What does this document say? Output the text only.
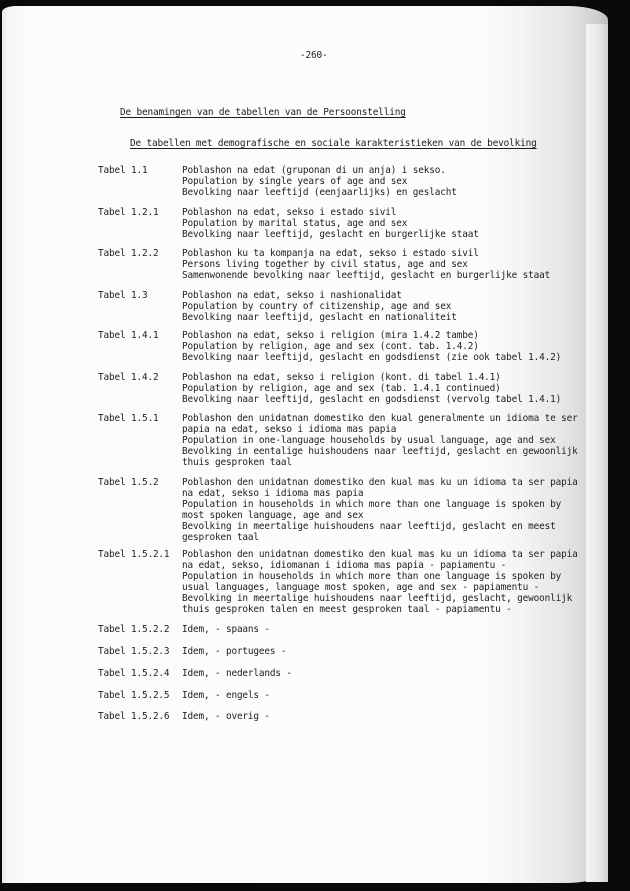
-260-
De benamingen van de tabellen van de Persoonstelling
De tabellen met demografische en sociale karakteristieken van de bevolking
Tabel 1.1	Poblashon na edat (gruponan di un anja) i sekso.
Population by single years of age and sex
Bevolking naar leeftijd (eenjaarlijks) en geslacht
Tabel 1.2.1	Poblashon na edat, sekso i estado sivil
Population by marital status, age and sex
Bevolking naar leeftijd, geslacht en burgerlijke staat
Tabel 1.2.2	Poblashon ku ta kompanja na edat, sekso i estado sivil
Persons living together by civil status, age and sex
Samenwonende bevolking naar leeftijd, geslacht en burgerlijke staat
Tabel 1.3	Poblashon na edat, sekso i nashionalidat
Population by country of citizenship, age and sex
Bevolking naar leeftijd, geslacht en nationaliteit
Tabel 1.4.1	Poblashon na edat, sekso i religion (mira 1.4.2 tambe)
Population by religion, age and sex (cont. tab. 1.4.2)
Bevolking naar leeftijd, geslacht en godsdienst (zie ook tabel 1.4.2)
Tabel 1.4.2	Poblashon na edat, sekso i religion (kont. di tabel 1.4.1)
Population by religion, age and sex (tab. 1.4.1 continued)
Bevolking naar leeftijd, geslacht en godsdienst (vervolg tabel 1.4.1)
Tabel 1.5.1	Poblashon den unidatnan domestiko den kual generalmente un idioma te ser
papia na edat, sekso i idioma mas papia
Population in one-language households by usual language, age and sex
Bevolking in eentalige huishoudens naar leeftijd, geslacht en gewoonlijk
thuis gesproken taal
Tabel 1.5.2	Poblashon den unidatnan domestiko den kual mas ku un idioma ta ser papia
na edat, sekso i idioma mas papia
Population in households in which more than one language is spoken by
most spoken language, age and sex
Bevolking in meertalige huishoudens naar leeftijd, geslacht en meest
gesproken taal
Tabel 1.5.2.1 Poblashon den unidatnan domestiko den kual mas ku un idioma ta ser papia
na edat, sekso, idiomanan i idioma mas papia - papiamentu -
Population in households in which more than one language is spoken by
usual languages, language most spoken, age and sex - papiamentu -
Bevolking in meertalige huishoudens naar leeftijd, geslacht, gewoonlijk
thuis gesproken talen en meest gesproken taal - papiamentu -
Tabel 1.5.2.2 Idem, - spaans -
Tabel 1.5.2.3 Idem, - portugees -
Tabel 1.5.2.4 Idem, - nederlands -
Tabel 1.5.2.5 Idem, - engels -
Tabel 1.5.2.6 Idem, - overig -
